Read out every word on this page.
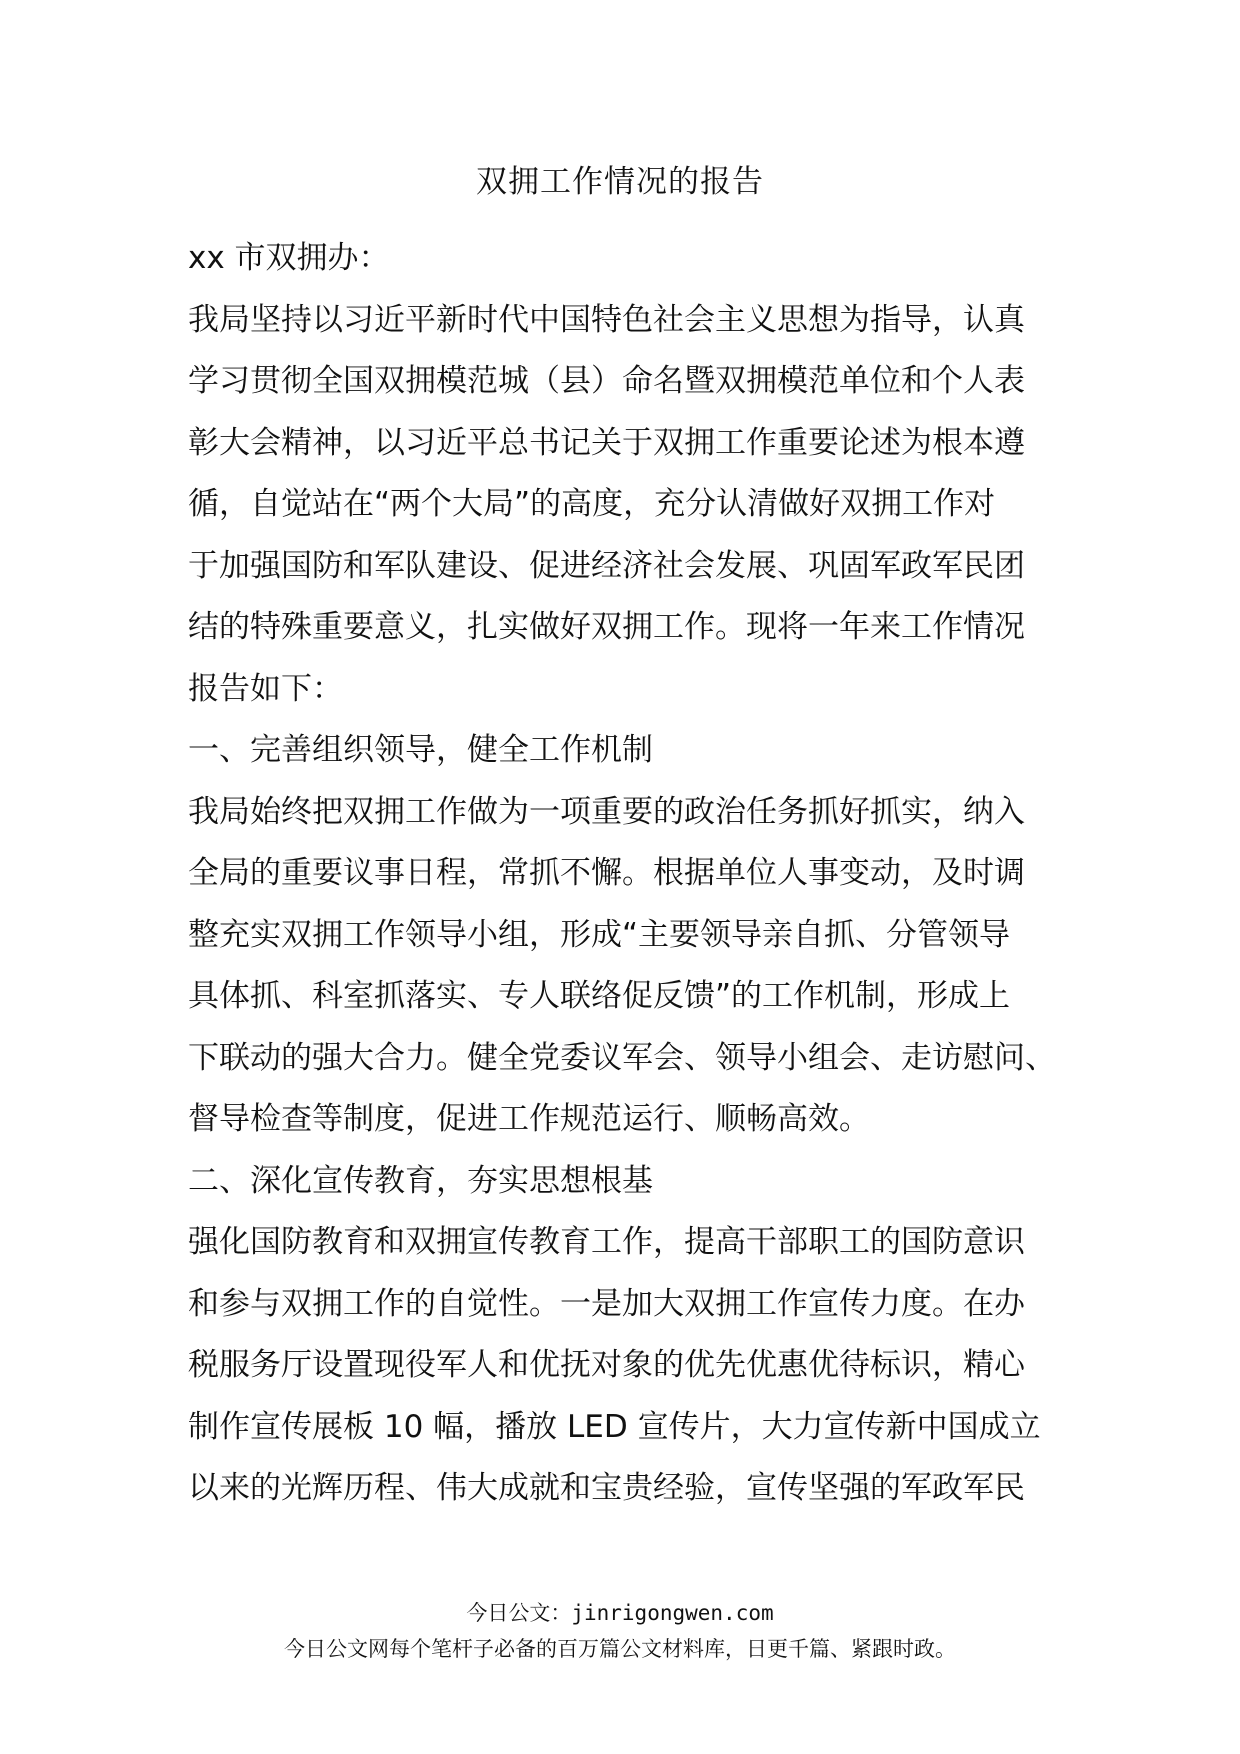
双拥工作情况的报告
xx 市双拥办：
我局坚持以习近平新时代中国特色社会主义思想为指导，认真
学习贯彻全国双拥模范城（县）命名暨双拥模范单位和个人表
彰大会精神，以习近平总书记关于双拥工作重要论述为根本遵
循，自觉站在“两个大局”的高度，充分认清做好双拥工作对
于加强国防和军队建设、促进经济社会发展、巩固军政军民团
结的特殊重要意义，扎实做好双拥工作。现将一年来工作情况
报告如下：
一、完善组织领导，健全工作机制
我局始终把双拥工作做为一项重要的政治任务抓好抓实，纳入
全局的重要议事日程，常抓不懈。根据单位人事变动，及时调
整充实双拥工作领导小组，形成“主要领导亲自抓、分管领导
具体抓、科室抓落实、专人联络促反馈”的工作机制，形成上
下联动的强大合力。健全党委议军会、领导小组会、走访慰问、
督导检查等制度，促进工作规范运行、顺畅高效。
二、深化宣传教育，夯实思想根基
强化国防教育和双拥宣传教育工作，提高干部职工的国防意识
和参与双拥工作的自觉性。一是加大双拥工作宣传力度。在办
税服务厅设置现役军人和优抚对象的优先优惠优待标识，精心
制作宣传展板 10 幅，播放 LED 宣传片，大力宣传新中国成立
以来的光辉历程、伟大成就和宝贵经验，宣传坚强的军政军民
今日公文：jinrigongwen.com
今日公文网每个笔杆子必备的百万篇公文材料库，日更千篇、紧跟时政。
